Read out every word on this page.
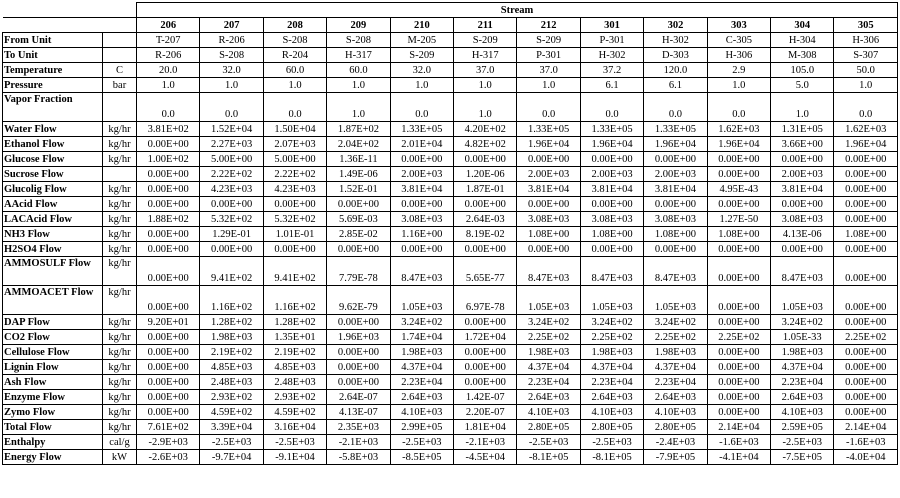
		Stream											
		206	207	208	209	210	211	212	301	302	303	304	305
From Unit		T-207	R-206	S-208	S-208	M-205	S-209	S-209	P-301	H-302	C-305	H-304	H-306
To Unit		R-206	S-208	R-204	H-317	S-209	H-317	P-301	H-302	D-303	H-306	M-308	S-307
Temperature	C	20.0	32.0	60.0	60.0	32.0	37.0	37.0	37.2	120.0	2.9	105.0	50.0
Pressure	bar	1.0	1.0	1.0	1.0	1.0	1.0	1.0	6.1	6.1	1.0	5.0	1.0
Vapor Fraction		0.0	0.0	0.0	1.0	0.0	1.0	0.0	0.0	0.0	0.0	1.0	0.0
Water Flow	kg/hr	3.81E+02	1.52E+04	1.50E+04	1.87E+02	1.33E+05	4.20E+02	1.33E+05	1.33E+05	1.33E+05	1.62E+03	1.31E+05	1.62E+03
Ethanol Flow	kg/hr	0.00E+00	2.27E+03	2.07E+03	2.04E+02	2.01E+04	4.82E+02	1.96E+04	1.96E+04	1.96E+04	1.96E+04	3.66E+00	1.96E+04
Glucose Flow	kg/hr	1.00E+02	5.00E+00	5.00E+00	1.36E-11	0.00E+00	0.00E+00	0.00E+00	0.00E+00	0.00E+00	0.00E+00	0.00E+00	0.00E+00
Sucrose Flow		0.00E+00	2.22E+02	2.22E+02	1.49E-06	2.00E+03	1.20E-06	2.00E+03	2.00E+03	2.00E+03	0.00E+00	2.00E+03	0.00E+00
Glucolig Flow	kg/hr	0.00E+00	4.23E+03	4.23E+03	1.52E-01	3.81E+04	1.87E-01	3.81E+04	3.81E+04	3.81E+04	4.95E-43	3.81E+04	0.00E+00
AAcid Flow	kg/hr	0.00E+00	0.00E+00	0.00E+00	0.00E+00	0.00E+00	0.00E+00	0.00E+00	0.00E+00	0.00E+00	0.00E+00	0.00E+00	0.00E+00
LACAcid Flow	kg/hr	1.88E+02	5.32E+02	5.32E+02	5.69E-03	3.08E+03	2.64E-03	3.08E+03	3.08E+03	3.08E+03	1.27E-50	3.08E+03	0.00E+00
NH3 Flow	kg/hr	0.00E+00	1.29E-01	1.01E-01	2.85E-02	1.16E+00	8.19E-02	1.08E+00	1.08E+00	1.08E+00	1.08E+00	4.13E-06	1.08E+00
H2SO4 Flow	kg/hr	0.00E+00	0.00E+00	0.00E+00	0.00E+00	0.00E+00	0.00E+00	0.00E+00	0.00E+00	0.00E+00	0.00E+00	0.00E+00	0.00E+00
AMMOSULF Flow	kg/hr	0.00E+00	9.41E+02	9.41E+02	7.79E-78	8.47E+03	5.65E-77	8.47E+03	8.47E+03	8.47E+03	0.00E+00	8.47E+03	0.00E+00
AMMOACET Flow	kg/hr	0.00E+00	1.16E+02	1.16E+02	9.62E-79	1.05E+03	6.97E-78	1.05E+03	1.05E+03	1.05E+03	0.00E+00	1.05E+03	0.00E+00
DAP Flow	kg/hr	9.20E+01	1.28E+02	1.28E+02	0.00E+00	3.24E+02	0.00E+00	3.24E+02	3.24E+02	3.24E+02	0.00E+00	3.24E+02	0.00E+00
CO2 Flow	kg/hr	0.00E+00	1.98E+03	1.35E+01	1.96E+03	1.74E+04	1.72E+04	2.25E+02	2.25E+02	2.25E+02	2.25E+02	1.05E-33	2.25E+02
Cellulose Flow	kg/hr	0.00E+00	2.19E+02	2.19E+02	0.00E+00	1.98E+03	0.00E+00	1.98E+03	1.98E+03	1.98E+03	0.00E+00	1.98E+03	0.00E+00
Lignin Flow	kg/hr	0.00E+00	4.85E+03	4.85E+03	0.00E+00	4.37E+04	0.00E+00	4.37E+04	4.37E+04	4.37E+04	0.00E+00	4.37E+04	0.00E+00
Ash Flow	kg/hr	0.00E+00	2.48E+03	2.48E+03	0.00E+00	2.23E+04	0.00E+00	2.23E+04	2.23E+04	2.23E+04	0.00E+00	2.23E+04	0.00E+00
Enzyme Flow	kg/hr	0.00E+00	2.93E+02	2.93E+02	2.64E-07	2.64E+03	1.42E-07	2.64E+03	2.64E+03	2.64E+03	0.00E+00	2.64E+03	0.00E+00
Zymo Flow	kg/hr	0.00E+00	4.59E+02	4.59E+02	4.13E-07	4.10E+03	2.20E-07	4.10E+03	4.10E+03	4.10E+03	0.00E+00	4.10E+03	0.00E+00
Total Flow	kg/hr	7.61E+02	3.39E+04	3.16E+04	2.35E+03	2.99E+05	1.81E+04	2.80E+05	2.80E+05	2.80E+05	2.14E+04	2.59E+05	2.14E+04
Enthalpy	cal/g	-2.9E+03	-2.5E+03	-2.5E+03	-2.1E+03	-2.5E+03	-2.1E+03	-2.5E+03	-2.5E+03	-2.4E+03	-1.6E+03	-2.5E+03	-1.6E+03
Energy Flow	kW	-2.6E+03	-9.7E+04	-9.1E+04	-5.8E+03	-8.5E+05	-4.5E+04	-8.1E+05	-8.1E+05	-7.9E+05	-4.1E+04	-7.5E+05	-4.0E+04
